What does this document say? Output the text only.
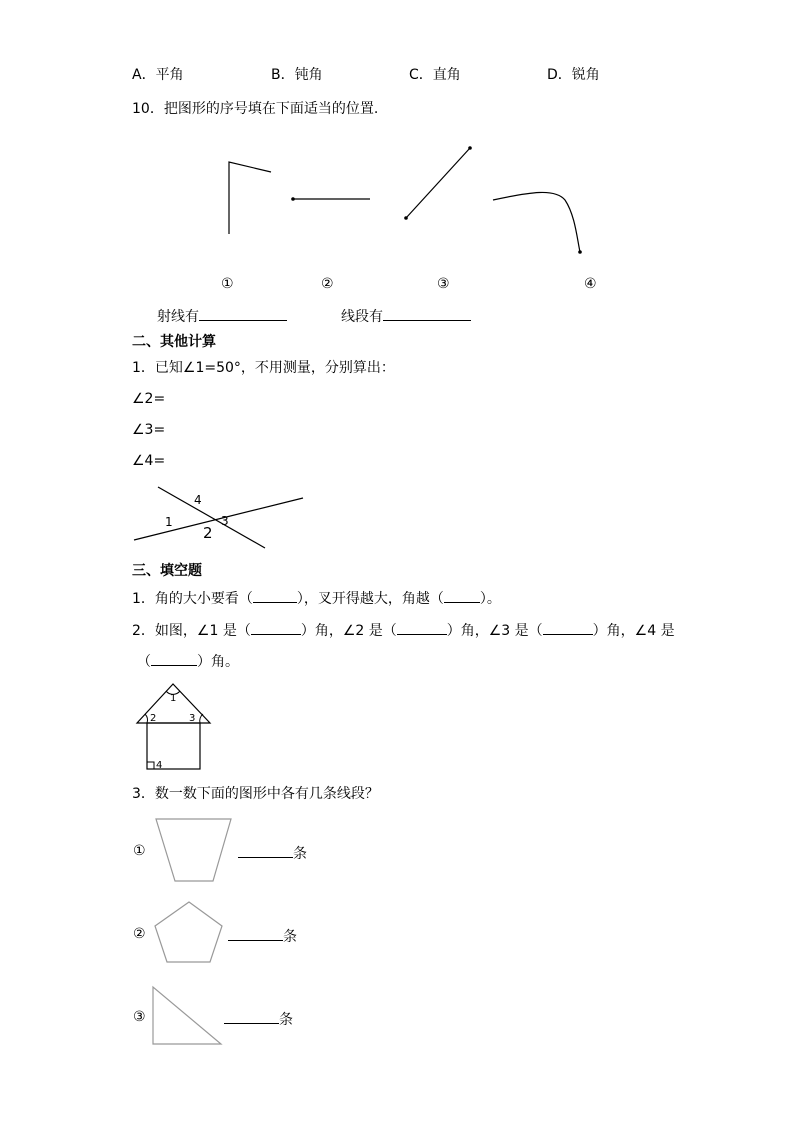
A．平角	B．钝角	C．直角	D．锐角
10．把图形的序号填在下面适当的位置.
①	②	③	④
射线有	线段有
二、其他计算
1．已知∠1=50°，不用测量，分别算出：
∠2=
∠3=
∠4=
1
2
3
4
三、填空题
1．角的大小要看（	），叉开得越大，角越（	）。
2．如图，∠1 是（	）角，∠2 是（	）角，∠3 是（	）角，∠4 是
（	）角。
1
2	3
4
3．数一数下面的图形中各有几条线段？
①	条
②	条
③	条
